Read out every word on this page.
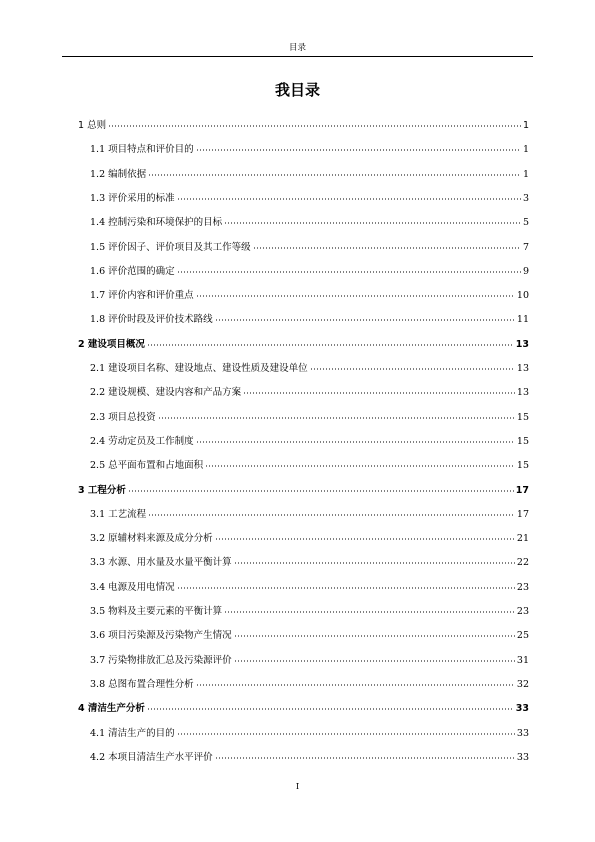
目录
我目录
1 总则	1
1.1 项目特点和评价目的	1
1.2 编制依据	1
1.3 评价采用的标准	3
1.4 控制污染和环境保护的目标	5
1.5 评价因子、评价项目及其工作等级	7
1.6 评价范围的确定	9
1.7 评价内容和评价重点	10
1.8 评价时段及评价技术路线	11
2 建设项目概况	13
2.1 建设项目名称、建设地点、建设性质及建设单位	13
2.2 建设规模、建设内容和产品方案	13
2.3 项目总投资	15
2.4 劳动定员及工作制度	15
2.5 总平面布置和占地面积	15
3 工程分析	17
3.1 工艺流程	17
3.2 原辅材料来源及成分分析	21
3.3 水源、用水量及水量平衡计算	22
3.4 电源及用电情况	23
3.5 物料及主要元素的平衡计算	23
3.6 项目污染源及污染物产生情况	25
3.7 污染物排放汇总及污染源评价	31
3.8 总图布置合理性分析	32
4 清洁生产分析	33
4.1 清洁生产的目的	33
4.2 本项目清洁生产水平评价	33
I
